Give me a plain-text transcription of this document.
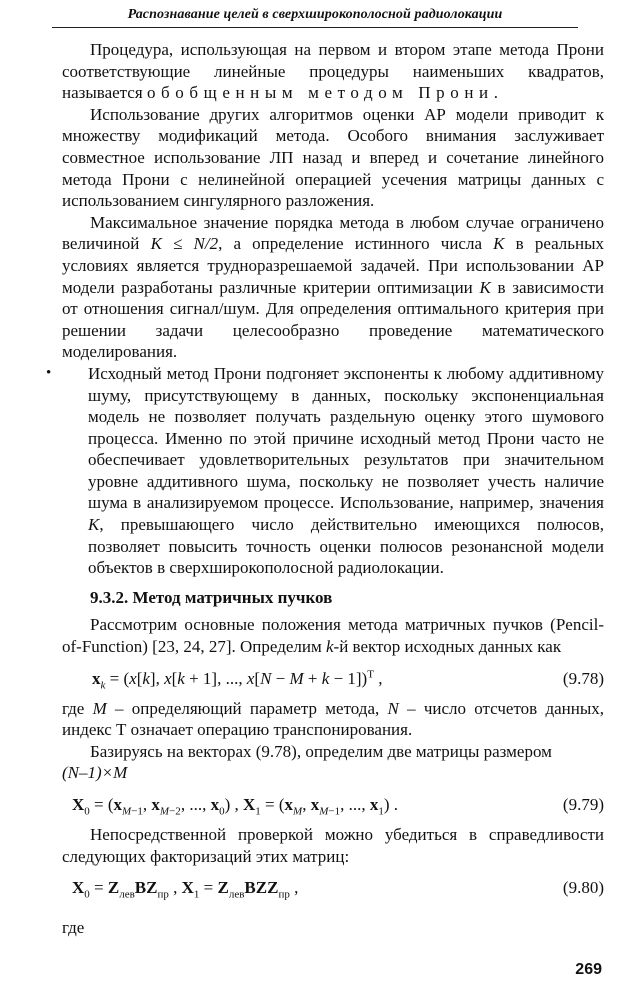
Распознавание целей в сверхширокополосной радиолокации

Процедура, использующая на первом и втором этапе метода Прони соответствующие линейные процедуры наименьших квадратов, называется обобщенным методом Прони.

Использование других алгоритмов оценки АР модели приводит к множеству модификаций метода. Особого внимания заслуживает совместное использование ЛП назад и вперед и сочетание линейного метода Прони с нелинейной операцией усечения матрицы данных с использованием сингулярного разложения.

Максимальное значение порядка метода в любом случае ограничено величиной K ≤ N/2, а определение истинного числа K в реальных условиях является трудноразрешаемой задачей. При использовании АР модели разработаны различные критерии оптимизации K в зависимости от отношения сигнал/шум. Для определения оптимального критерия при решении задачи целесообразно проведение математического моделирования.

• Исходный метод Прони подгоняет экспоненты к любому аддитивному шуму, присутствующему в данных, поскольку экспоненциальная модель не позволяет получать раздельную оценку этого шумового процесса. Именно по этой причине исходный метод Прони часто не обеспечивает удовлетворительных результатов при значительном уровне аддитивного шума, поскольку не позволяет учесть наличие шума в анализируемом процессе. Использование, например, значения K, превышающего число действительно имеющихся полюсов, позволяет повысить точность оценки полюсов резонансной модели объектов в сверхширокополосной радиолокации.

9.3.2. Метод матричных пучков

Рассмотрим основные положения метода матричных пучков (Pencil-of-Function) [23, 24, 27]. Определим k-й вектор исходных данных как

$x_k = (x[k]$, x[k + 1], ..., x[N − M + k − 1])$^T$ ,	(9.78)

где M – определяющий параметр метода, N – число отсчетов данных, индекс Т означает операцию транспонирования.

Базируясь на векторах (9.78), определим две матрицы размером
(N–1)×M

$X_0 = (x_{M-1}$, $x_{M-2}$, ..., $x_0$) , $X_1 = (x_M$, $x_{M-1}$, ..., $x_1$) .	(9.79)

Непосредственной проверкой можно убедиться в справедливости следующих факторизаций этих матриц:

$X_0 = Z_{лев}BZ_{пр}$ , $X_1 = Z_{лев}BZZ_{пр}$ ,	(9.80)

где

269
